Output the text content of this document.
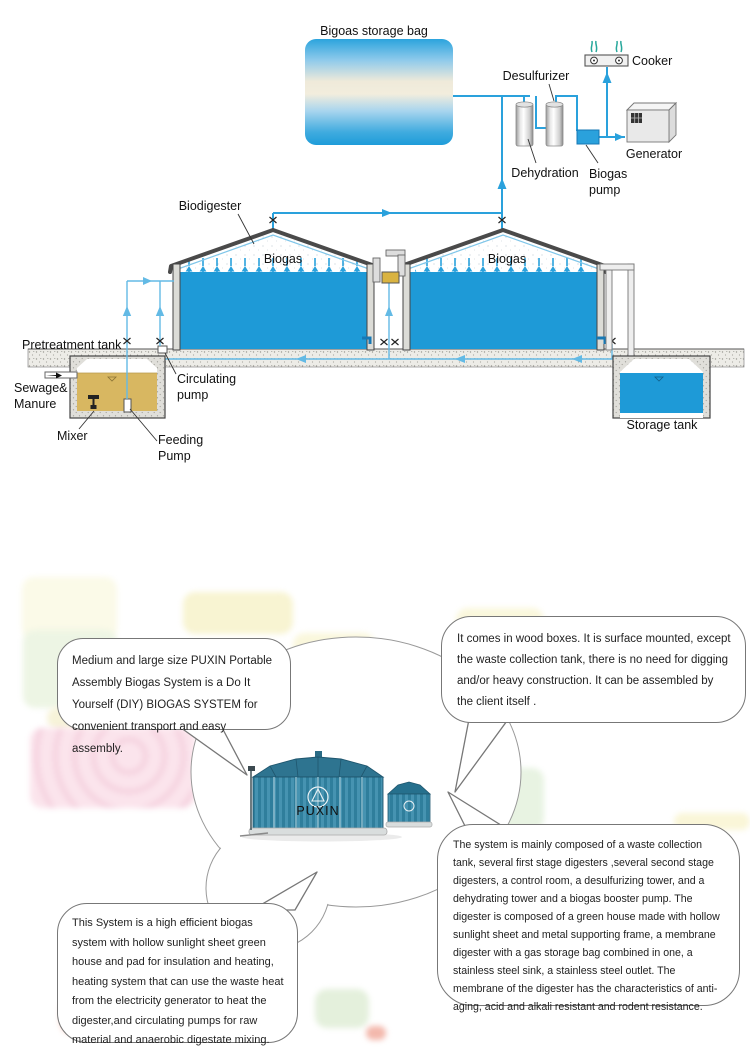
Bigoas storage bag
Desulfurizer
Dehydration Biogas
pump
Cooker
Generator
Biogas	Biogas
Biodigester
Pretreatment tank
Sewage&
Manure
Circulating
pump
Mixer	Feeding
Pump
Storage tank
PUXIN
Medium and large size PUXIN Portable Assembly Biogas System is a Do It Yourself (DIY) BIOGAS SYSTEM for convenient transport and easy assembly.
It comes in wood boxes. It is surface mounted, except the waste collection tank, there is no need for digging and/or heavy construction. It can be assembled by the client itself .
The system is mainly composed of a waste collection tank, several first stage digesters ,several second stage digesters, a control room, a desulfurizing tower, and a dehydrating tower and a biogas booster pump. The digester is composed of a green house made with hollow sunlight sheet and metal supporting frame, a membrane digester with a gas storage bag combined in one, a stainless steel sink, a stainless steel outlet. The membrane of the digester has the characteristics of anti-aging, acid and alkali resistant and rodent resistance.
This System is a high efficient biogas system with hollow sunlight sheet green house and pad for insulation and heating, heating system that can use the waste heat from the electricity generator to heat the digester,and circulating pumps for raw material and anaerobic digestate mixing.
